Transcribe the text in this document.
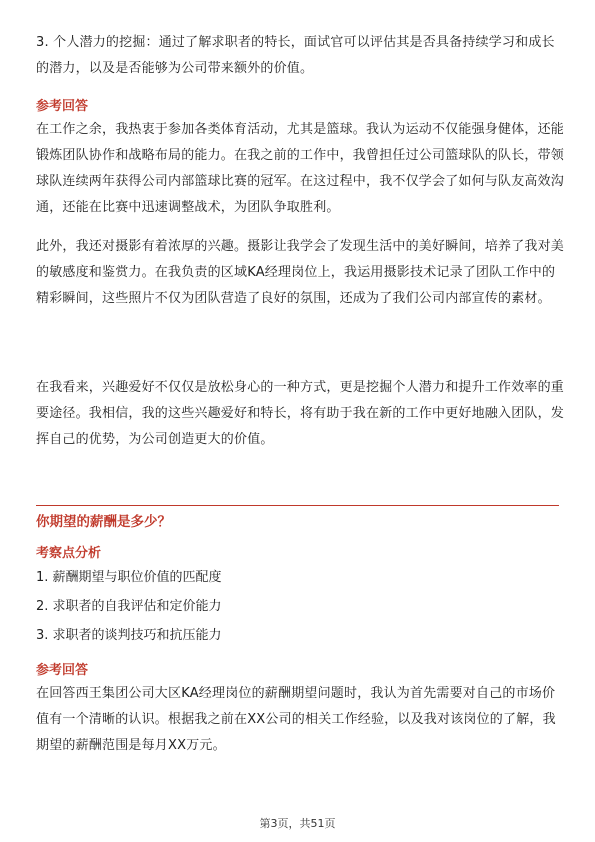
3. 个人潜力的挖掘：通过了解求职者的特长，面试官可以评估其是否具备持续学习和成长的潜力，以及是否能够为公司带来额外的价值。

参考回答

在工作之余，我热衷于参加各类体育活动，尤其是篮球。我认为运动不仅能强身健体，还能锻炼团队协作和战略布局的能力。在我之前的工作中，我曾担任过公司篮球队的队长，带领球队连续两年获得公司内部篮球比赛的冠军。在这过程中，我不仅学会了如何与队友高效沟通，还能在比赛中迅速调整战术，为团队争取胜利。

此外，我还对摄影有着浓厚的兴趣。摄影让我学会了发现生活中的美好瞬间，培养了我对美的敏感度和鉴赏力。在我负责的区域KA经理岗位上，我运用摄影技术记录了团队工作中的精彩瞬间，这些照片不仅为团队营造了良好的氛围，还成为了我们公司内部宣传的素材。

在我看来，兴趣爱好不仅仅是放松身心的一种方式，更是挖掘个人潜力和提升工作效率的重要途径。我相信，我的这些兴趣爱好和特长，将有助于我在新的工作中更好地融入团队，发挥自己的优势，为公司创造更大的价值。

你期望的薪酬是多少？

考察点分析

1. 薪酬期望与职位价值的匹配度

2. 求职者的自我评估和定价能力

3. 求职者的谈判技巧和抗压能力

参考回答

在回答西王集团公司大区KA经理岗位的薪酬期望问题时，我认为首先需要对自己的市场价值有一个清晰的认识。根据我之前在XX公司的相关工作经验，以及我对该岗位的了解，我期望的薪酬范围是每月XX万元。

第3页，共51页
